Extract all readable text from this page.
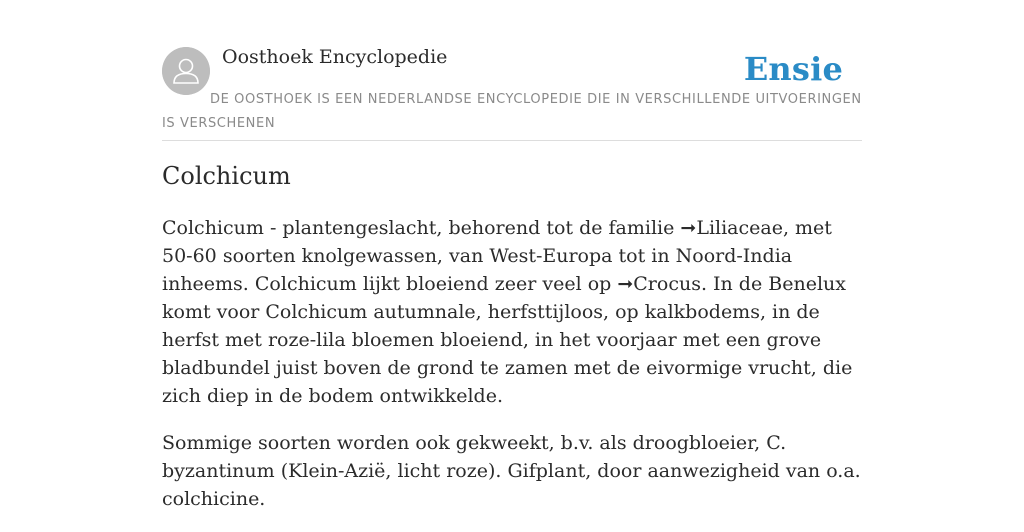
Oosthoek Encyclopedie	Ensie
DE OOSTHOEK IS EEN NEDERLANDSE ENCYCLOPEDIE DIE IN VERSCHILLENDE UITVOERINGEN IS VERSCHENEN
Colchicum

Colchicum - plantengeslacht, behorend tot de familie ➞Liliaceae, met 50-60 soorten knolgewassen, van West-Europa tot in Noord-India inheems. Colchicum lijkt bloeiend zeer veel op ➞Crocus. In de Benelux komt voor Colchicum autumnale, herfsttijloos, op kalkbodems, in de herfst met roze-lila bloemen bloeiend, in het voorjaar met een grove bladbundel juist boven de grond te zamen met de eivormige vrucht, die zich diep in de bodem ontwikkelde.

Sommige soorten worden ook gekweekt, b.v. als droogbloeier, C. byzantinum (Klein-Azië, licht roze). Gifplant, door aanwezigheid van o.a. colchicine.
